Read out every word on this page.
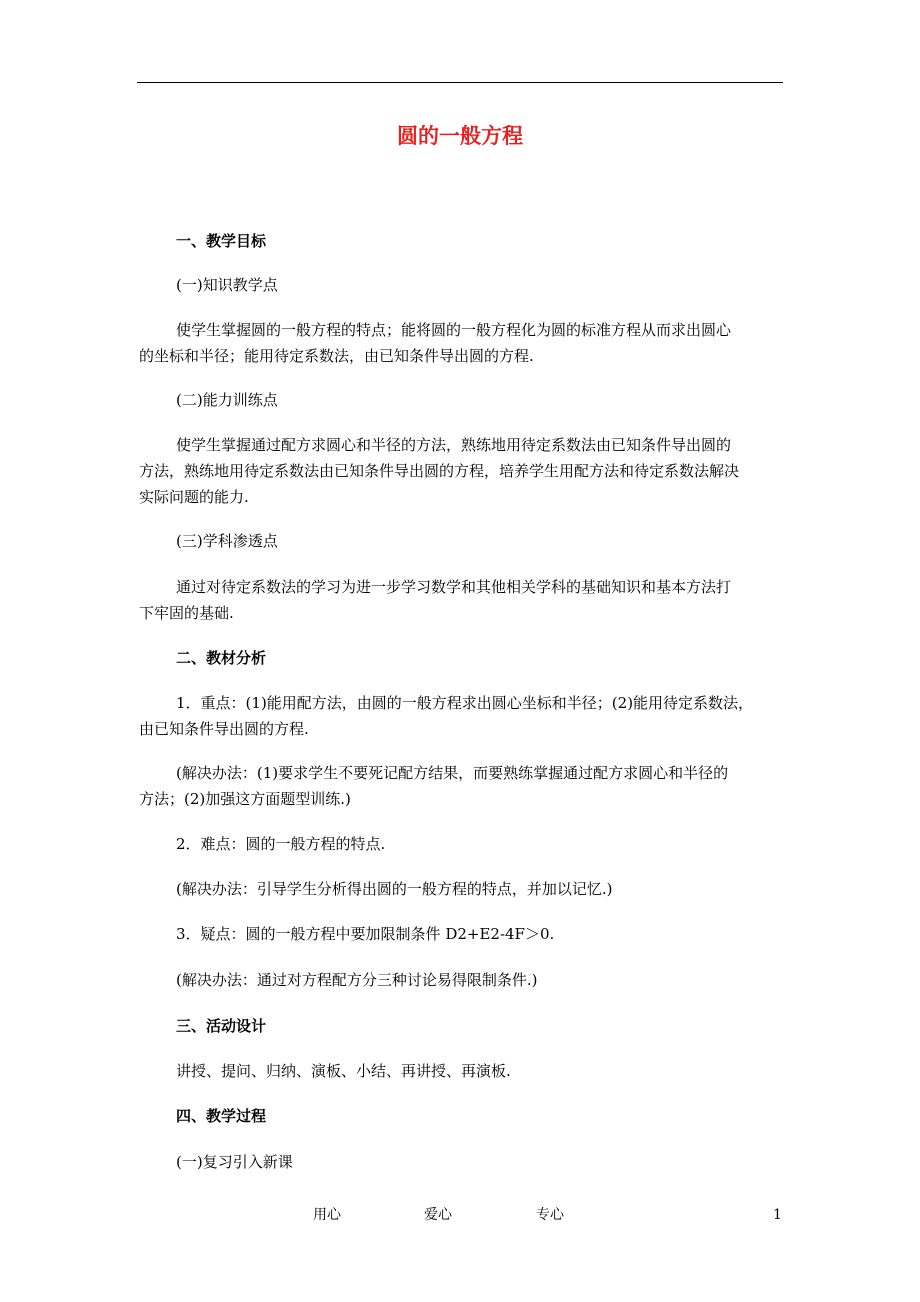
圆的一般方程
一、教学目标
(一)知识教学点
使学生掌握圆的一般方程的特点；能将圆的一般方程化为圆的标准方程从而求出圆心
的坐标和半径；能用待定系数法，由已知条件导出圆的方程.
(二)能力训练点
使学生掌握通过配方求圆心和半径的方法，熟练地用待定系数法由已知条件导出圆的
方法，熟练地用待定系数法由已知条件导出圆的方程，培养学生用配方法和待定系数法解决
实际问题的能力.
(三)学科渗透点
通过对待定系数法的学习为进一步学习数学和其他相关学科的基础知识和基本方法打
下牢固的基础.
二、教材分析
1．重点：(1)能用配方法，由圆的一般方程求出圆心坐标和半径；(2)能用待定系数法，
由已知条件导出圆的方程.
(解决办法：(1)要求学生不要死记配方结果，而要熟练掌握通过配方求圆心和半径的
方法；(2)加强这方面题型训练.)
2．难点：圆的一般方程的特点.
(解决办法：引导学生分析得出圆的一般方程的特点，并加以记忆.)
3．疑点：圆的一般方程中要加限制条件 D2+E2-4F＞0.
(解决办法：通过对方程配方分三种讨论易得限制条件.)
三、活动设计
讲授、提问、归纳、演板、小结、再讲授、再演板.
四、教学过程
(一)复习引入新课
用心	爱心	专心	1
